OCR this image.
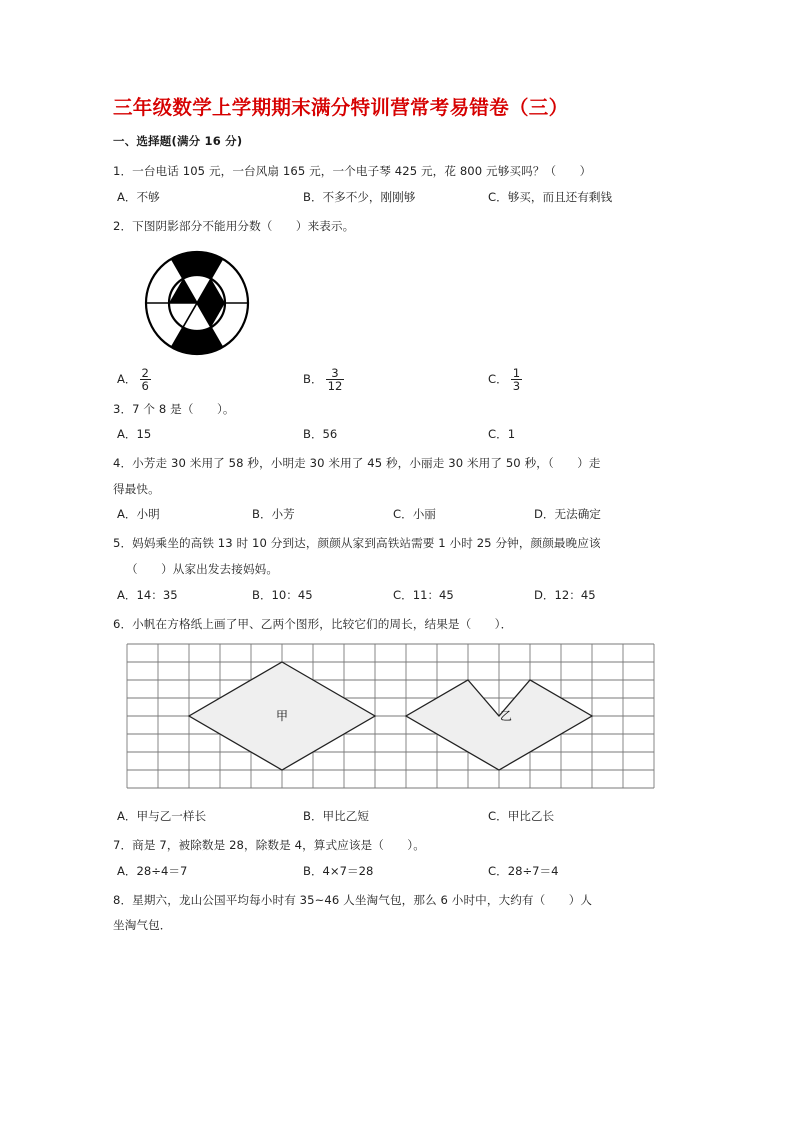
三年级数学上学期期末满分特训营常考易错卷（三）
一、选择题(满分 16 分)
1．一台电话 105 元，一台风扇 165 元，一个电子琴 425 元，花 800 元够买吗？（　　）
A．不够	B．不多不少，刚刚够	C．够买，而且还有剩钱
2．下图阴影部分不能用分数（　　）来表示。
A． $\frac{2}{6}$	B． $\frac{3}{12}$	C． $\frac{1}{3}$
3．7 个 8 是（　　）。
A．15	B．56	C．1
4．小芳走 30 米用了 58 秒，小明走 30 米用了 45 秒，小丽走 30 米用了 50 秒，（　　）走
得最快。
A．小明	B．小芳	C．小丽	D．无法确定
5．妈妈乘坐的高铁 13 时 10 分到达，颜颜从家到高铁站需要 1 小时 25 分钟，颜颜最晚应该
（　　）从家出发去接妈妈。
A．14：35	B．10：45	C．11：45	D．12：45
6．小帆在方格纸上画了甲、乙两个图形，比较它们的周长，结果是（　　）．
甲	乙
A．甲与乙一样长	B．甲比乙短	C．甲比乙长
7．商是 7，被除数是 28，除数是 4，算式应该是（　　）。
A．28÷4＝7	B．4×7＝28	C．28÷7＝4
8．星期六，龙山公国平均每小时有 35~46 人坐淘气包，那么 6 小时中，大约有（　　）人
坐淘气包．
